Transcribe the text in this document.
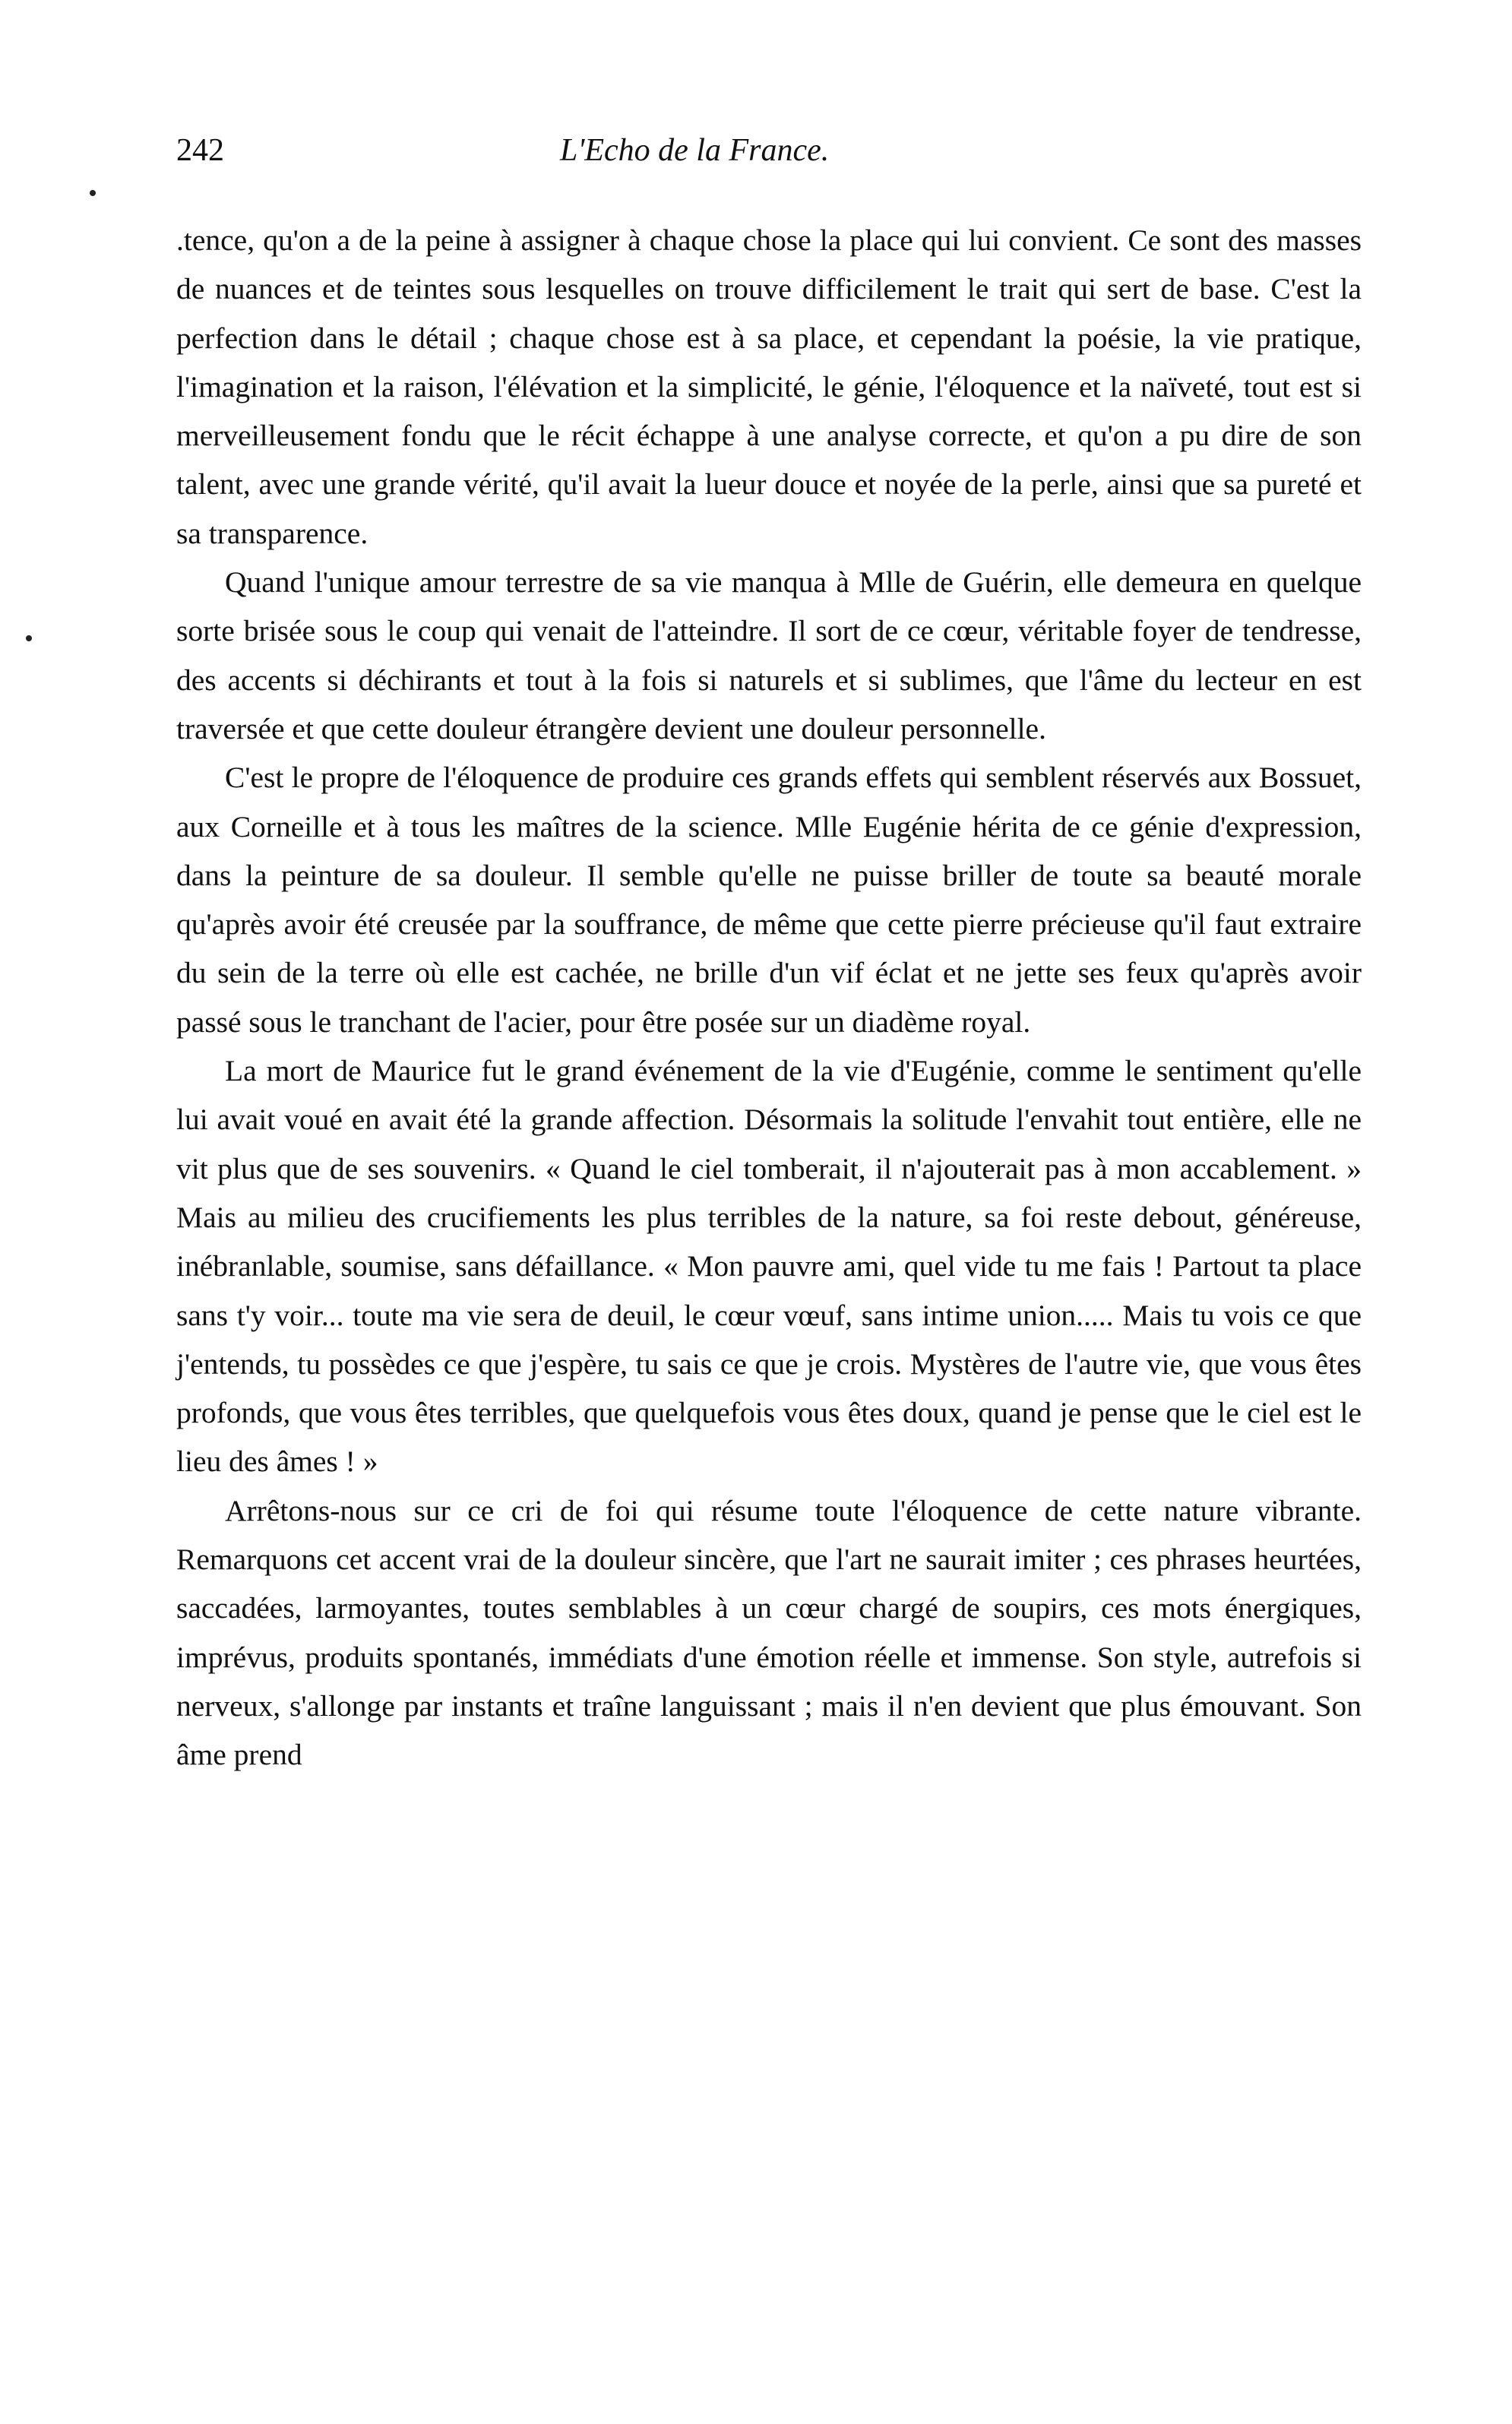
242	L'Echo de la France.

.tence, qu'on a de la peine à assigner à chaque chose la place qui lui convient. Ce sont des masses de nuances et de teintes sous lesquelles on trouve difficilement le trait qui sert de base. C'est la perfection dans le détail ; chaque chose est à sa place, et cependant la poésie, la vie pratique, l'imagination et la raison, l'élévation et la simplicité, le génie, l'éloquence et la naïveté, tout est si merveilleusement fondu que le récit échappe à une analyse correcte, et qu'on a pu dire de son talent, avec une grande vérité, qu'il avait la lueur douce et noyée de la perle, ainsi que sa pureté et sa transparence.

Quand l'unique amour terrestre de sa vie manqua à Mlle de Guérin, elle demeura en quelque sorte brisée sous le coup qui venait de l'atteindre. Il sort de ce cœur, véritable foyer de tendresse, des accents si déchirants et tout à la fois si naturels et si sublimes, que l'âme du lecteur en est traversée et que cette douleur étrangère devient une douleur personnelle.

C'est le propre de l'éloquence de produire ces grands effets qui semblent réservés aux Bossuet, aux Corneille et à tous les maîtres de la science. Mlle Eugénie hérita de ce génie d'expression, dans la peinture de sa douleur. Il semble qu'elle ne puisse briller de toute sa beauté morale qu'après avoir été creusée par la souffrance, de même que cette pierre précieuse qu'il faut extraire du sein de la terre où elle est cachée, ne brille d'un vif éclat et ne jette ses feux qu'après avoir passé sous le tranchant de l'acier, pour être posée sur un diadème royal.

La mort de Maurice fut le grand événement de la vie d'Eugénie, comme le sentiment qu'elle lui avait voué en avait été la grande affection. Désormais la solitude l'envahit tout entière, elle ne vit plus que de ses souvenirs. « Quand le ciel tomberait, il n'ajouterait pas à mon accablement. » Mais au milieu des crucifiements les plus terribles de la nature, sa foi reste debout, généreuse, inébranlable, soumise, sans défaillance. « Mon pauvre ami, quel vide tu me fais ! Partout ta place sans t'y voir... toute ma vie sera de deuil, le cœur vœuf, sans intime union..... Mais tu vois ce que j'entends, tu possèdes ce que j'espère, tu sais ce que je crois. Mystères de l'autre vie, que vous êtes profonds, que vous êtes terribles, que quelquefois vous êtes doux, quand je pense que le ciel est le lieu des âmes ! »

Arrêtons-nous sur ce cri de foi qui résume toute l'éloquence de cette nature vibrante. Remarquons cet accent vrai de la douleur sincère, que l'art ne saurait imiter ; ces phrases heurtées, saccadées, larmoyantes, toutes semblables à un cœur chargé de soupirs, ces mots énergiques, imprévus, produits spontanés, immédiats d'une émotion réelle et immense. Son style, autrefois si nerveux, s'allonge par instants et traîne languissant ; mais il n'en devient que plus émouvant. Son âme prend
